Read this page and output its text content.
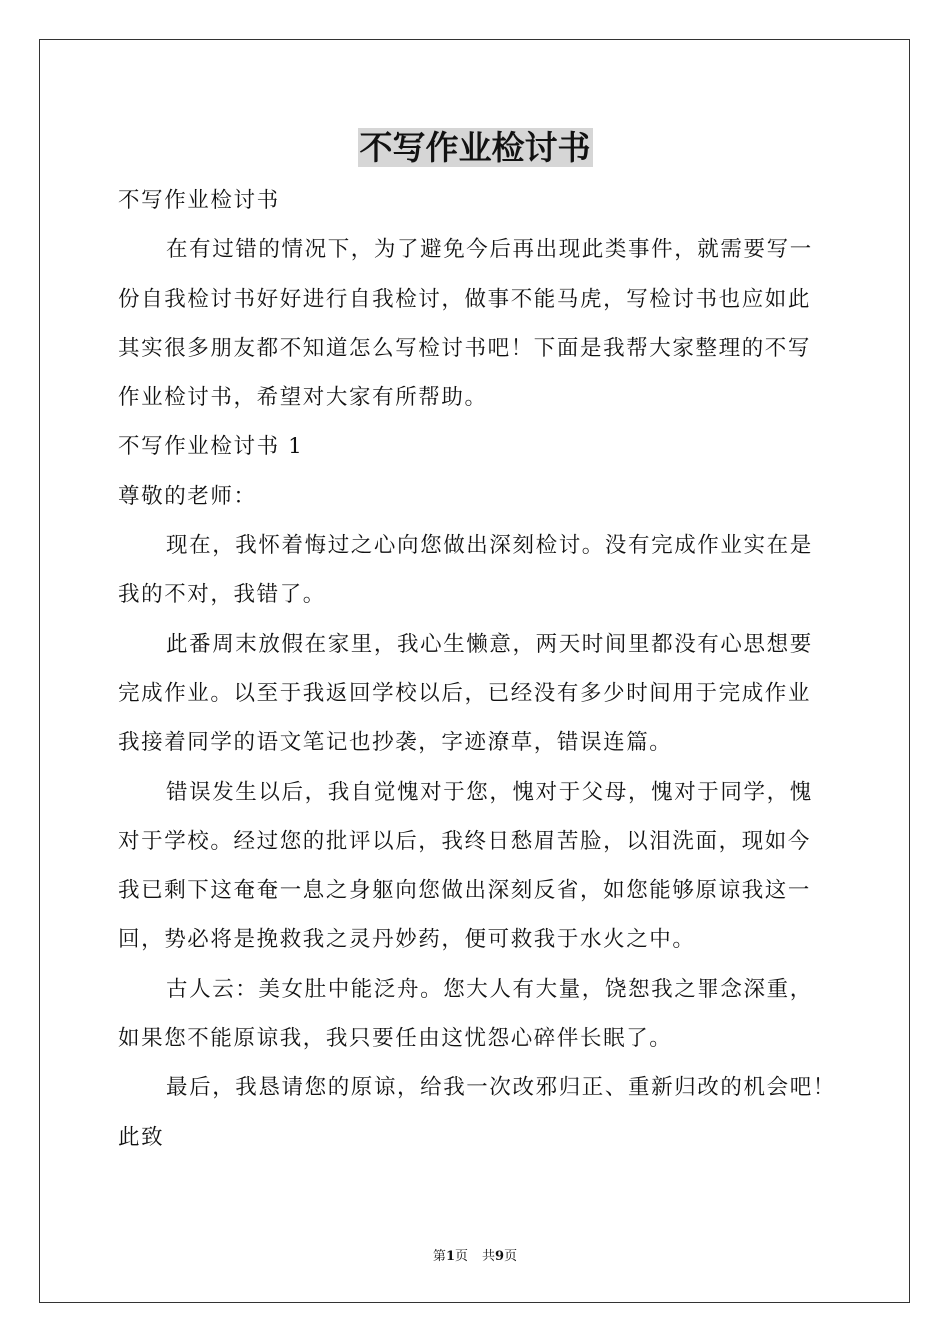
不写作业检讨书
不写作业检讨书
在有过错的情况下，为了避免今后再出现此类事件，就需要写一
份自我检讨书好好进行自我检讨，做事不能马虎，写检讨书也应如此
其实很多朋友都不知道怎么写检讨书吧！下面是我帮大家整理的不写
作业检讨书，希望对大家有所帮助。
不写作业检讨书 1
尊敬的老师：
现在，我怀着悔过之心向您做出深刻检讨。没有完成作业实在是
我的不对，我错了。
此番周末放假在家里，我心生懒意，两天时间里都没有心思想要
完成作业。以至于我返回学校以后，已经没有多少时间用于完成作业
我接着同学的语文笔记也抄袭，字迹潦草，错误连篇。
错误发生以后，我自觉愧对于您，愧对于父母，愧对于同学，愧
对于学校。经过您的批评以后，我终日愁眉苦脸，以泪洗面，现如今
我已剩下这奄奄一息之身躯向您做出深刻反省，如您能够原谅我这一
回，势必将是挽救我之灵丹妙药，便可救我于水火之中。
古人云：美女肚中能泛舟。您大人有大量，饶恕我之罪念深重，
如果您不能原谅我，我只要任由这忧怨心碎伴长眠了。
最后，我恳请您的原谅，给我一次改邪归正、重新归改的机会吧！
此致
第1页 共9页
